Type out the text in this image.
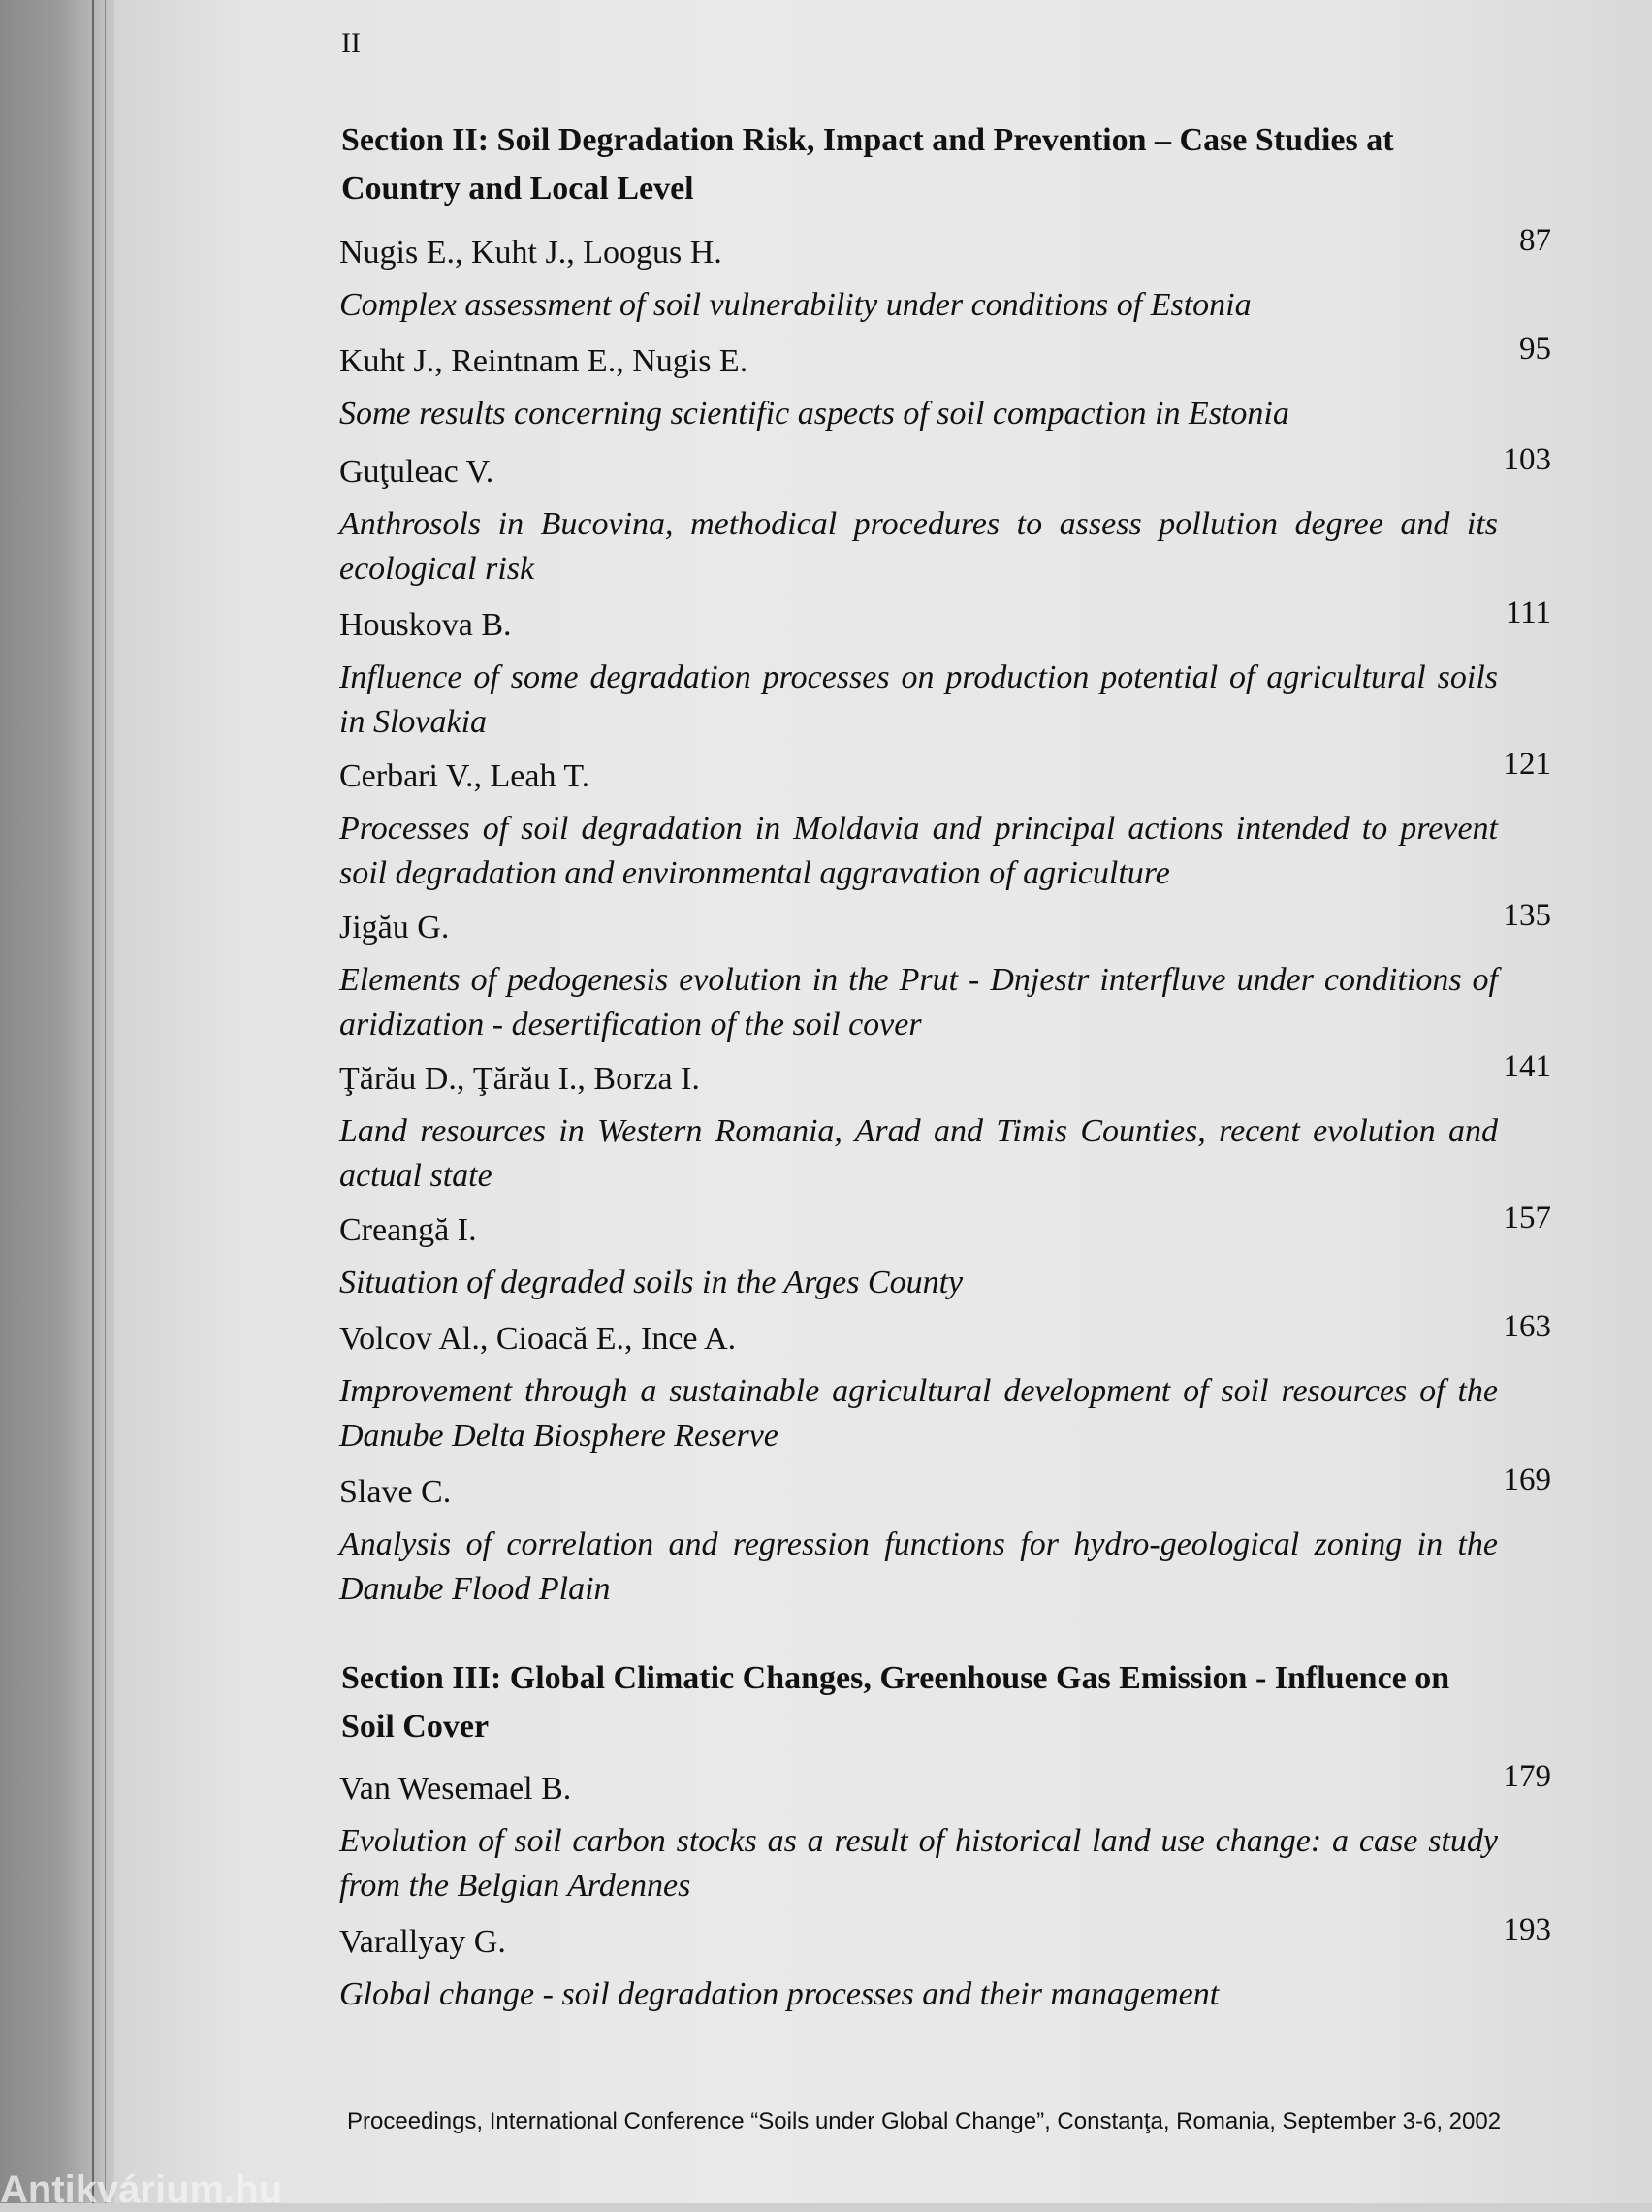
II
Section II: Soil Degradation Risk, Impact and Prevention – Case Studies at Country and Local Level
Nugis E., Kuht J., Loogus H.	87
Complex assessment of soil vulnerability under conditions of Estonia
Kuht J., Reintnam E., Nugis E.	95
Some results concerning scientific aspects of soil compaction in Estonia
Guţuleac V.	103
Anthrosols in Bucovina, methodical procedures to assess pollution degree and its ecological risk
Houskova B.	111
Influence of some degradation processes on production potential of agricultural soils in Slovakia
Cerbari V., Leah T.	121
Processes of soil degradation in Moldavia and principal actions intended to prevent soil degradation and environmental aggravation of agriculture
Jigău G.	135
Elements of pedogenesis evolution in the Prut - Dnjestr interfluve under conditions of aridization - desertification of the soil cover
Ţărău D., Ţărău I., Borza I.	141
Land resources in Western Romania, Arad and Timis Counties, recent evolution and actual state
Creangă I.	157
Situation of degraded soils in the Arges County
Volcov Al., Cioacă E., Ince A.	163
Improvement through a sustainable agricultural development of soil resources of the Danube Delta Biosphere Reserve
Slave C.	169
Analysis of correlation and regression functions for hydro-geological zoning in the Danube Flood Plain
Section III: Global Climatic Changes, Greenhouse Gas Emission - Influence on Soil Cover
Van Wesemael B.	179
Evolution of soil carbon stocks as a result of historical land use change: a case study from the Belgian Ardennes
Varallyay G.	193
Global change - soil degradation processes and their management
Proceedings, International Conference “Soils under Global Change”, Constanţa, Romania, September 3-6, 2002
Antikvárium.hu
